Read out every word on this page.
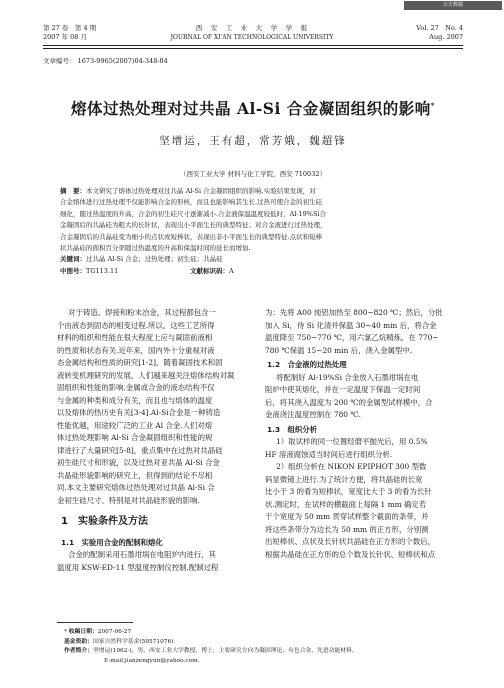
万方数据 http://www.wanfangdata.com.cn
第 27 卷　第 4 期
2007 年 08 月
西　安　工　业　大　学　学　报
JOURNAL OF XI'AN TECHNOLOGICAL UNIVERSITY
Vol. 27　No. 4
Aug. 2007
文章编号： 1673-9965(2007)04-348-04
熔体过热处理对过共晶 Al-Si 合金凝固组织的影响*
坚增运，王有超，常芳娥，魏超锋
（西安工业大学 材料与化工学院，西安 710032）
摘　要：本文研究了熔体过热处理对过共晶 Al-Si 合金凝固组织的影响.实验结果发现，对
合金熔体进行过热处理不仅能影响合金的形核，而且也能影响其生长.过热可使合金的初生硅
细化，随过热温度的升高，合金的初生硅尺寸逐渐减小.合金液保温温度较低时，Al-19%Si合
金凝固后的共晶硅为粗大的长针状，表现出小平面生长的典型特征；对合金液进行过热处理，
合金凝固后的共晶硅变为细小的点状或短棒状，表现出非小平面生长的典型特征.点状和短棒
状共晶硅的面积百分率随过热温度的升高和保温时间的延长而增加.
关键词：过共晶 Al-Si 合金；过热处理；初生硅；共晶硅
中图号：TG113.11	文献标识码：A
对于铸造、焊接和粉末冶金，其过程都包含一
个由液态到固态的相变过程.所以，这些工艺所得
材料的组织和性能在很大程度上应与凝固前液相
的性质和状态有关.近年来，国内外十分重视对液
态金属结构和性质的研究[1-2]，随着凝固技术和固
液转变机理研究的发展，人们越来越关注熔体结构对凝
固组织和性能的影响.金属或合金的液态结构不仅
与金属的种类和成分有关，而且也与熔体的温度
以及熔体的热历史有关[3-4].Al-Si合金是一种铸造
性能优越，用途较广泛的工业 Al 合金.人们对熔
体过热处理影响 Al-Si 合金凝固组织和性能的规
律进行了大量研究[5-8]，重点集中在过热对共晶硅
初生硅尺寸和形貌，以及过热对亚共晶 Al-Si 合金
共晶硅形貌影响的研究上，但得到的结论不尽相
同.本文主要研究熔体过热处理对过共晶 Al-Si 合
金初生硅尺寸、特别是对共晶硅形貌的影响.
1　实验条件及方法
1.1　实验用合金的配制和熔化
合金的配制采用石墨坩埚在电阻炉内进行，其
温度用 KSW-ED-11 型温度控制仪控制.配制过程
为：先将 A00 纯铝加热至 800~820 ℃；然后，分批
加入 Si，待 Si 化清并保温 30~40 min 后，将合金
温度降至 750~770 ℃，用六氯乙烷精炼，在 770~
780 ℃保温 15~20 min 后，浇入金属型中.
1.2　合金液的过热处理
将配制好 Al-19%Si 合金放入石墨坩埚在电
阻炉中使其熔化，并在一定温度下保温一定时间
后，将其浇入温度为 200 ℃的金属型试样模中，合
金液浇注温度控制在 780 ℃.
1.3　组织分析
1）取试样的同一位置经磨平抛光后，用 0.5%
HF 溶液腐蚀适当时间后进行组织分析.
2）组织分析在 NIKON EPIPHOT 300 型数
码显微镜上进行.为了统计方便，将共晶硅的长宽
比小于 3 的看为短棒状，宽度比大于 3 的看为长针
状.测定时，在试样的横截面上每隔 1 mm 确定若
干个宽度为 50 mm 贯穿试样整个截面的条带，并
将这些条带分为边长为 50 mm 的正方形，分别测
出短棒状、点状及长针状共晶硅在正方形的个数后，
根据共晶硅在正方形的总个数及长针状、短棒状和点
* 收稿日期：2007-06-27
基金资助：国家自然科学基金(50571076)
作者简介：坚增运(1962-)，男，西安工业大学教授，博士，主要研究方向为凝固理论、有色合金、先进功能材料.
E-mail:jianzengyun@yahoo.com.
